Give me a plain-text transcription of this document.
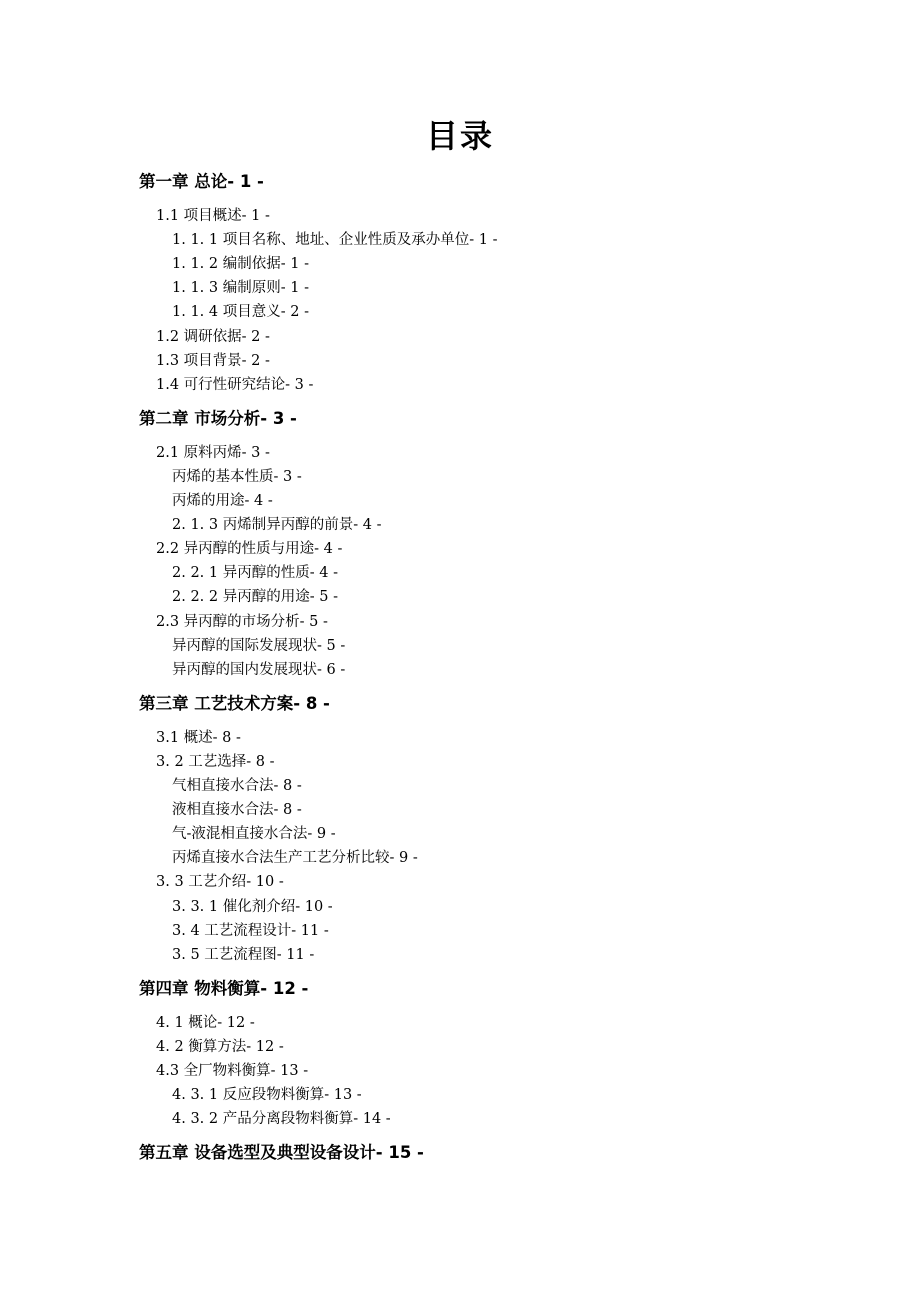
目录
第一章 总论- 1 -
1.1 项目概述- 1 -
1. 1. 1 项目名称、地址、企业性质及承办单位- 1 -
1. 1. 2 编制依据- 1 -
1. 1. 3 编制原则- 1 -
1. 1. 4 项目意义- 2 -
1.2 调研依据- 2 -
1.3 项目背景- 2 -
1.4 可行性研究结论- 3 -
第二章 市场分析- 3 -
2.1 原料丙烯- 3 -
丙烯的基本性质- 3 -
丙烯的用途- 4 -
2. 1. 3 丙烯制异丙醇的前景- 4 -
2.2 异丙醇的性质与用途- 4 -
2. 2. 1 异丙醇的性质- 4 -
2. 2. 2 异丙醇的用途- 5 -
2.3 异丙醇的市场分析- 5 -
异丙醇的国际发展现状- 5 -
异丙醇的国内发展现状- 6 -
第三章 工艺技术方案- 8 -
3.1 概述- 8 -
3. 2 工艺选择- 8 -
气相直接水合法- 8 -
液相直接水合法- 8 -
气-液混相直接水合法- 9 -
丙烯直接水合法生产工艺分析比较- 9 -
3. 3 工艺介绍- 10 -
3. 3. 1 催化剂介绍- 10 -
3. 4 工艺流程设计- 11 -
3. 5 工艺流程图- 11 -
第四章 物料衡算- 12 -
4. 1 概论- 12 -
4. 2 衡算方法- 12 -
4.3 全厂物料衡算- 13 -
4. 3. 1 反应段物料衡算- 13 -
4. 3. 2 产品分离段物料衡算- 14 -
第五章 设备选型及典型设备设计- 15 -
